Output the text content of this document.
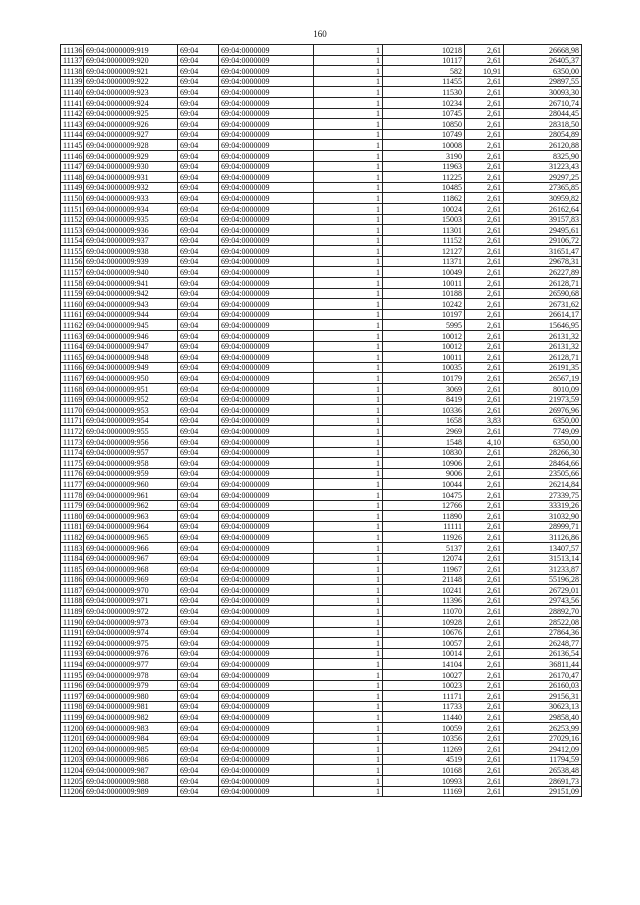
160
11136	69:04:0000009:919	69:04	69:04:0000009	1	10218	2,61	26668,98
11137	69:04:0000009:920	69:04	69:04:0000009	1	10117	2,61	26405,37
11138	69:04:0000009:921	69:04	69:04:0000009	1	582	10,91	6350,00
11139	69:04:0000009:922	69:04	69:04:0000009	1	11455	2,61	29897,55
11140	69:04:0000009:923	69:04	69:04:0000009	1	11530	2,61	30093,30
11141	69:04:0000009:924	69:04	69:04:0000009	1	10234	2,61	26710,74
11142	69:04:0000009:925	69:04	69:04:0000009	1	10745	2,61	28044,45
11143	69:04:0000009:926	69:04	69:04:0000009	1	10850	2,61	28318,50
11144	69:04:0000009:927	69:04	69:04:0000009	1	10749	2,61	28054,89
11145	69:04:0000009:928	69:04	69:04:0000009	1	10008	2,61	26120,88
11146	69:04:0000009:929	69:04	69:04:0000009	1	3190	2,61	8325,90
11147	69:04:0000009:930	69:04	69:04:0000009	1	11963	2,61	31223,43
11148	69:04:0000009:931	69:04	69:04:0000009	1	11225	2,61	29297,25
11149	69:04:0000009:932	69:04	69:04:0000009	1	10485	2,61	27365,85
11150	69:04:0000009:933	69:04	69:04:0000009	1	11862	2,61	30959,82
11151	69:04:0000009:934	69:04	69:04:0000009	1	10024	2,61	26162,64
11152	69:04:0000009:935	69:04	69:04:0000009	1	15003	2,61	39157,83
11153	69:04:0000009:936	69:04	69:04:0000009	1	11301	2,61	29495,61
11154	69:04:0000009:937	69:04	69:04:0000009	1	11152	2,61	29106,72
11155	69:04:0000009:938	69:04	69:04:0000009	1	12127	2,61	31651,47
11156	69:04:0000009:939	69:04	69:04:0000009	1	11371	2,61	29678,31
11157	69:04:0000009:940	69:04	69:04:0000009	1	10049	2,61	26227,89
11158	69:04:0000009:941	69:04	69:04:0000009	1	10011	2,61	26128,71
11159	69:04:0000009:942	69:04	69:04:0000009	1	10188	2,61	26590,68
11160	69:04:0000009:943	69:04	69:04:0000009	1	10242	2,61	26731,62
11161	69:04:0000009:944	69:04	69:04:0000009	1	10197	2,61	26614,17
11162	69:04:0000009:945	69:04	69:04:0000009	1	5995	2,61	15646,95
11163	69:04:0000009:946	69:04	69:04:0000009	1	10012	2,61	26131,32
11164	69:04:0000009:947	69:04	69:04:0000009	1	10012	2,61	26131,32
11165	69:04:0000009:948	69:04	69:04:0000009	1	10011	2,61	26128,71
11166	69:04:0000009:949	69:04	69:04:0000009	1	10035	2,61	26191,35
11167	69:04:0000009:950	69:04	69:04:0000009	1	10179	2,61	26567,19
11168	69:04:0000009:951	69:04	69:04:0000009	1	3069	2,61	8010,09
11169	69:04:0000009:952	69:04	69:04:0000009	1	8419	2,61	21973,59
11170	69:04:0000009:953	69:04	69:04:0000009	1	10336	2,61	26976,96
11171	69:04:0000009:954	69:04	69:04:0000009	1	1658	3,83	6350,00
11172	69:04:0000009:955	69:04	69:04:0000009	1	2969	2,61	7749,09
11173	69:04:0000009:956	69:04	69:04:0000009	1	1548	4,10	6350,00
11174	69:04:0000009:957	69:04	69:04:0000009	1	10830	2,61	28266,30
11175	69:04:0000009:958	69:04	69:04:0000009	1	10906	2,61	28464,66
11176	69:04:0000009:959	69:04	69:04:0000009	1	9006	2,61	23505,66
11177	69:04:0000009:960	69:04	69:04:0000009	1	10044	2,61	26214,84
11178	69:04:0000009:961	69:04	69:04:0000009	1	10475	2,61	27339,75
11179	69:04:0000009:962	69:04	69:04:0000009	1	12766	2,61	33319,26
11180	69:04:0000009:963	69:04	69:04:0000009	1	11890	2,61	31032,90
11181	69:04:0000009:964	69:04	69:04:0000009	1	11111	2,61	28999,71
11182	69:04:0000009:965	69:04	69:04:0000009	1	11926	2,61	31126,86
11183	69:04:0000009:966	69:04	69:04:0000009	1	5137	2,61	13407,57
11184	69:04:0000009:967	69:04	69:04:0000009	1	12074	2,61	31513,14
11185	69:04:0000009:968	69:04	69:04:0000009	1	11967	2,61	31233,87
11186	69:04:0000009:969	69:04	69:04:0000009	1	21148	2,61	55196,28
11187	69:04:0000009:970	69:04	69:04:0000009	1	10241	2,61	26729,01
11188	69:04:0000009:971	69:04	69:04:0000009	1	11396	2,61	29743,56
11189	69:04:0000009:972	69:04	69:04:0000009	1	11070	2,61	28892,70
11190	69:04:0000009:973	69:04	69:04:0000009	1	10928	2,61	28522,08
11191	69:04:0000009:974	69:04	69:04:0000009	1	10676	2,61	27864,36
11192	69:04:0000009:975	69:04	69:04:0000009	1	10057	2,61	26248,77
11193	69:04:0000009:976	69:04	69:04:0000009	1	10014	2,61	26136,54
11194	69:04:0000009:977	69:04	69:04:0000009	1	14104	2,61	36811,44
11195	69:04:0000009:978	69:04	69:04:0000009	1	10027	2,61	26170,47
11196	69:04:0000009:979	69:04	69:04:0000009	1	10023	2,61	26160,03
11197	69:04:0000009:980	69:04	69:04:0000009	1	11171	2,61	29156,31
11198	69:04:0000009:981	69:04	69:04:0000009	1	11733	2,61	30623,13
11199	69:04:0000009:982	69:04	69:04:0000009	1	11440	2,61	29858,40
11200	69:04:0000009:983	69:04	69:04:0000009	1	10059	2,61	26253,99
11201	69:04:0000009:984	69:04	69:04:0000009	1	10356	2,61	27029,16
11202	69:04:0000009:985	69:04	69:04:0000009	1	11269	2,61	29412,09
11203	69:04:0000009:986	69:04	69:04:0000009	1	4519	2,61	11794,59
11204	69:04:0000009:987	69:04	69:04:0000009	1	10168	2,61	26538,48
11205	69:04:0000009:988	69:04	69:04:0000009	1	10993	2,61	28691,73
11206	69:04:0000009:989	69:04	69:04:0000009	1	11169	2,61	29151,09
